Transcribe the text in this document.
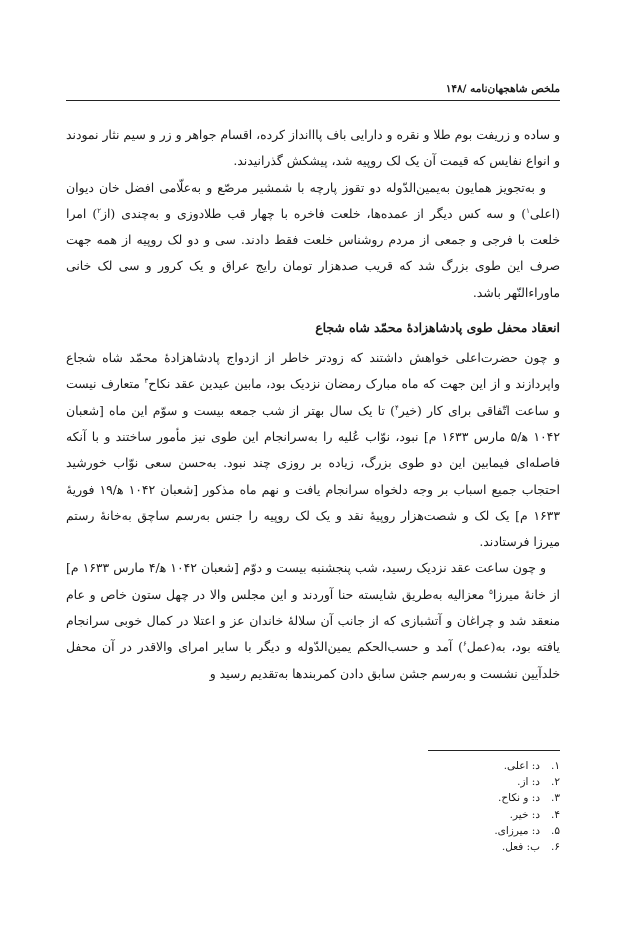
ملخص شاهجهان‌نامه /۱۴۸

و ساده و زریفت بوم طلا و نقره و دارایی باف پااانداز کرده، اقسام جواهر و زر و سیم نثار نمودند و انواع نفایس که قیمت آن یک لک روپیه شد، پیشکش گذرانیدند.

و به‌تجویز همایون به‌یمین‌الدّوله دو تقوز پارچه با شمشیر مرصّع و به‌علّامی افضل خان دیوان (اعلی$^۱$) و سه کس دیگر از عمده‌ها، خلعت فاخره با چهار قب طلادوزی و به‌چندی (از$^۲$) امرا خلعت با فرجی و جمعی از مردم روشناس خلعت فقط دادند. سی و دو لک روپیه از همه جهت صرف این طوی بزرگ شد که قریب صدهزار تومان رایج عراق و یک کرور و سی لک خانی ماوراءالنّهر باشد.

انعقاد محفل طوی پادشاهزادهٔ محمّد شاه شجاع

و چون حضرت‌اعلی خواهش داشتند که زودتر خاطر از ازدواج پادشاهزادهٔ محمّد شاه شجاع واپردازند و از این جهت که ماه مبارک رمضان نزدیک بود، مابین عیدین عقد نکاح$^۳$ متعارف نیست و ساعت اتّفاقی برای کار (خیر$^۴$) تا یک سال بهتر از شب جمعه بیست و سوّم این ماه [شعبان ۱۰۴۲ ه‍/۵ مارس ۱۶۳۳ م] نبود، نوّاب عُلیه را به‌سرانجام این طوی نیز مأمور ساختند و با آنکه فاصله‌ای فیمابین این دو طوی بزرگ، زیاده بر روزی چند نبود. به‌حسن سعی نوّاب خورشید احتجاب جمیع اسباب بر وجه دلخواه سرانجام یافت و نهم ماه مذکور [شعبان ۱۰۴۲ ه‍/۱۹ فوریهٔ ۱۶۳۳ م] یک لک و شصت‌هزار روپیهٔ نقد و یک لک روپیه را جنس به‌رسم ساچق به‌خانهٔ رستم میرزا فرستادند.

و چون ساعت عقد نزدیک رسید، شب پنجشنبه بیست و دوّم [شعبان ۱۰۴۲ ه‍/۴ مارس ۱۶۳۳ م] از خانهٔ میرزا$^۵$ معزالیه به‌طریق شایسته حنا آوردند و این مجلس والا در چهل ستون خاص و عام منعقد شد و چراغان و آتشبازی که از جانب آن سلالهٔ خاندان عز و اعتلا در کمال خوبی سرانجام یافته بود، به(عمل$^۶$) آمد و حسب‌الحکم یمین‌الدّوله و دیگر با سایر امرای والاقدر در آن محفل خلدآیین نشست و به‌رسم جشن سابق دادن کمربندها به‌تقدیم رسید و

۱.
د: اعلی.
۲.
د: از.
۳.
د: و نکاح.
۴.
د: خیر.
۵.
د: میرزای.
۶.
ب: فعل.
